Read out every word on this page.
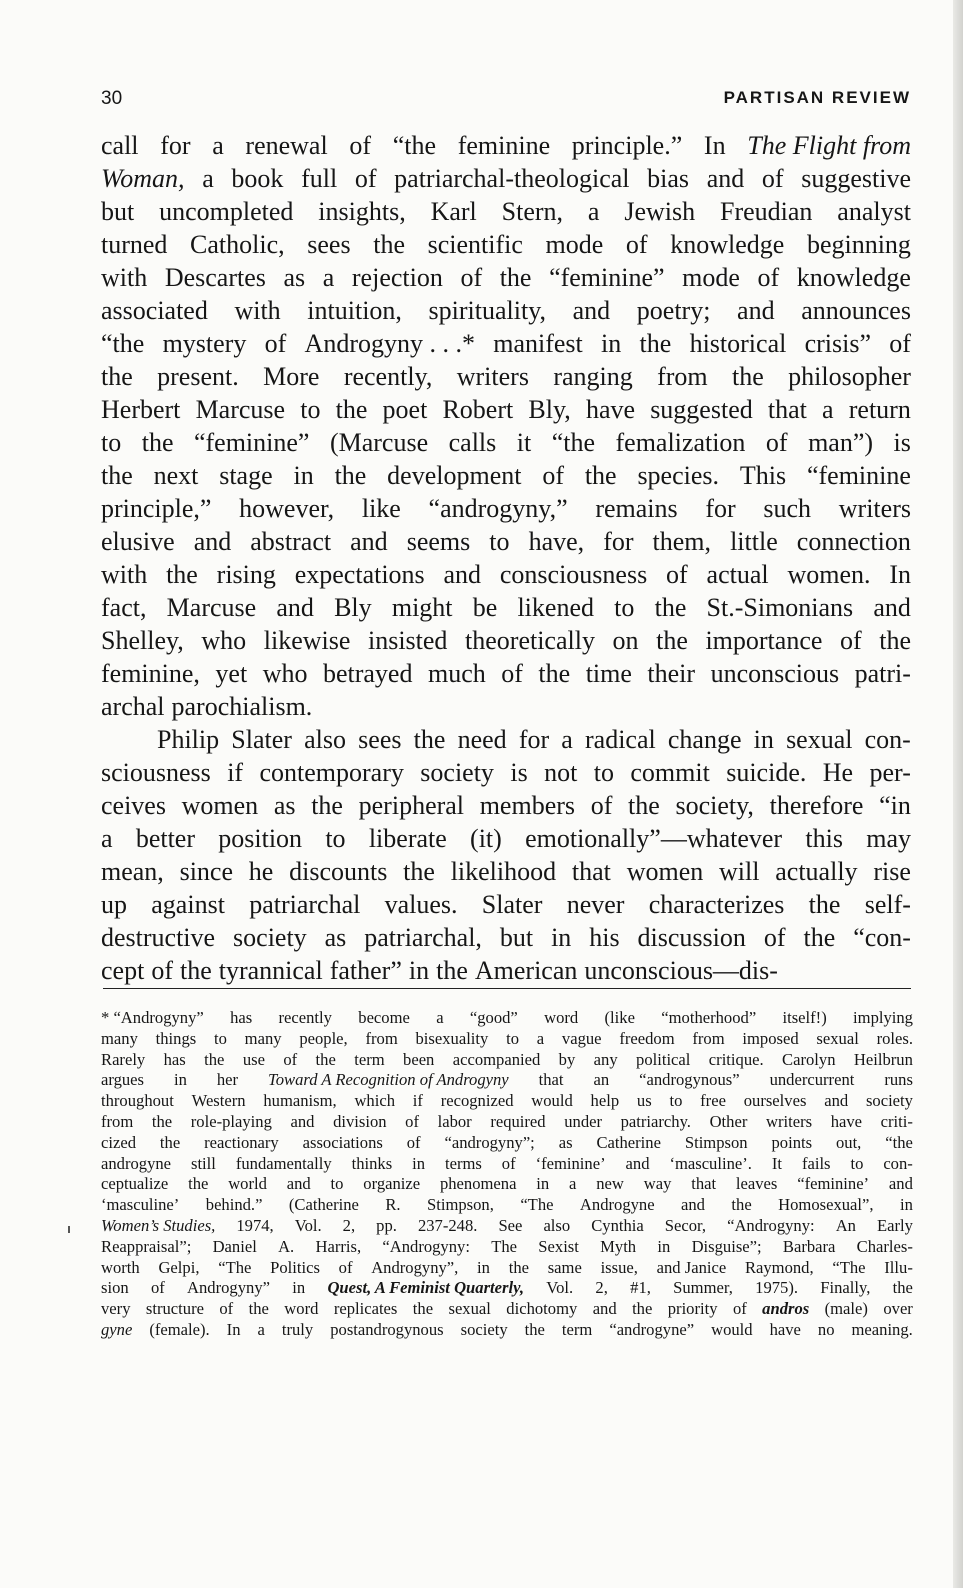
30	PARTISAN REVIEW
call for a renewal of “the feminine principle.” In The Flight from
Woman, a book full of patriarchal-theological bias and of suggestive
but uncompleted insights, Karl Stern, a Jewish Freudian analyst
turned Catholic, sees the scientific mode of knowledge beginning
with Descartes as a rejection of the “feminine” mode of knowledge
associated with intuition, spirituality, and poetry; and announces
“the mystery of Androgyny . . .* manifest in the historical crisis” of
the present. More recently, writers ranging from the philosopher
Herbert Marcuse to the poet Robert Bly, have suggested that a return
to the “feminine” (Marcuse calls it “the femalization of man”) is
the next stage in the development of the species. This “feminine
principle,” however, like “androgyny,” remains for such writers
elusive and abstract and seems to have, for them, little connection
with the rising expectations and consciousness of actual women. In
fact, Marcuse and Bly might be likened to the St.-Simonians and
Shelley, who likewise insisted theoretically on the importance of the
feminine, yet who betrayed much of the time their unconscious patri-
archal parochialism.
Philip Slater also sees the need for a radical change in sexual con-
sciousness if contemporary society is not to commit suicide. He per-
ceives women as the peripheral members of the society, therefore “in
a better position to liberate (it) emotionally”—whatever this may
mean, since he discounts the likelihood that women will actually rise
up against patriarchal values. Slater never characterizes the self-
destructive society as patriarchal, but in his discussion of the “con-
cept of the tyrannical father” in the American unconscious—dis-
* “Androgyny” has recently become a “good” word (like “motherhood” itself!) implying
many things to many people, from bisexuality to a vague freedom from imposed sexual roles.
Rarely has the use of the term been accompanied by any political critique. Carolyn Heilbrun
argues in her Toward A Recognition of Androgyny that an “androgynous” undercurrent runs
throughout Western humanism, which if recognized would help us to free ourselves and society
from the role-playing and division of labor required under patriarchy. Other writers have criti-
cized the reactionary associations of “androgyny”; as Catherine Stimpson points out, “the
androgyne still fundamentally thinks in terms of ‘feminine’ and ‘masculine’. It fails to con-
ceptualize the world and to organize phenomena in a new way that leaves “feminine’ and
‘masculine’ behind.” (Catherine R. Stimpson, “The Androgyne and the Homosexual”, in
Women’s Studies, 1974, Vol. 2, pp. 237-248. See also Cynthia Secor, “Androgyny: An Early
Reappraisal”; Daniel A. Harris, “Androgyny: The Sexist Myth in Disguise”; Barbara Charles-
worth Gelpi, “The Politics of Androgyny”, in the same issue, and Janice Raymond, “The Illu-
sion of Androgyny” in Quest, A Feminist Quarterly, Vol. 2, #1, Summer, 1975). Finally, the
very structure of the word replicates the sexual dichotomy and the priority of andros (male) over
gyne (female). In a truly postandrogynous society the term “androgyne” would have no meaning.
